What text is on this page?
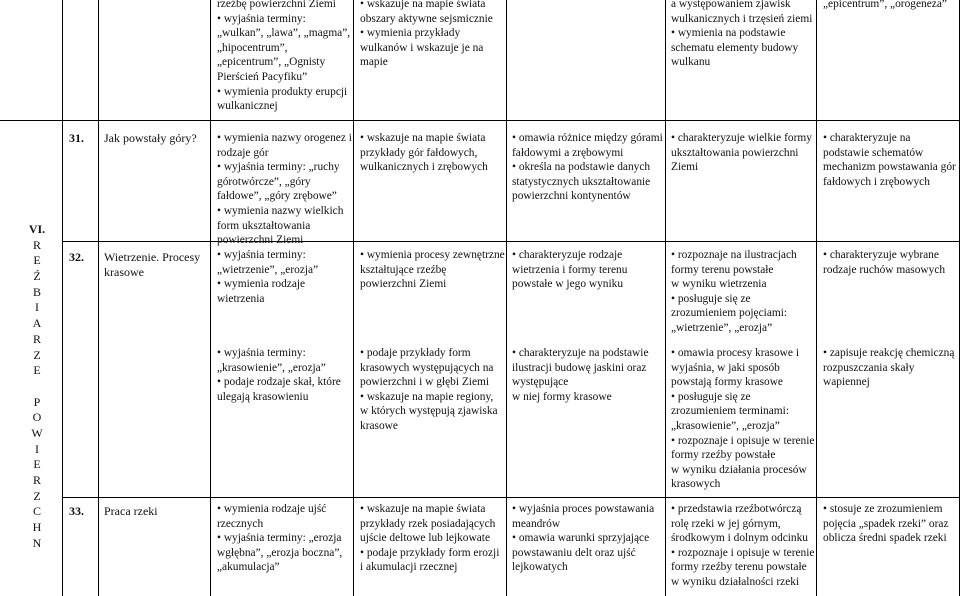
rzeźbę powierzchni Ziemi
• wyjaśnia terminy:
„wulkan”, „lawa”, „magma”,
„hipocentrum”,
„epicentrum”, „Ognisty
Pierścień Pacyfiku”
• wymienia produkty erupcji
wulkanicznej
• wskazuje na mapie świata
obszary aktywne sejsmicznie
• wymienia przykłady
wulkanów i wskazuje je na
mapie
a występowaniem zjawisk
wulkanicznych i trzęsień ziemi
• wymienia na podstawie
schematu elementy budowy
wulkanu
„epicentrum”, „orogeneza”
VI.
R
E
Ź
B
I
A
R
Z
E

P
O
W
I
E
R
Z
C
H
N
31. Jak powstały góry? • wymienia nazwy orogenez i
rodzaje gór
• wyjaśnia terminy: „ruchy
górotwórcze”, „góry
fałdowe”, „góry zrębowe”
• wymienia nazwy wielkich
form ukształtowania
powierzchni Ziemi
• wskazuje na mapie świata
przykłady gór fałdowych,
wulkanicznych i zrębowych
• omawia różnice między górami
fałdowymi a zrębowymi
• określa na podstawie danych
statystycznych ukształtowanie
powierzchni kontynentów
• charakteryzuje wielkie formy
ukształtowania powierzchni
Ziemi
• charakteryzuje na
podstawie schematów
mechanizm powstawania gór
fałdowych i zrębowych
32. Wietrzenie. Procesy
krasowe
• wyjaśnia terminy:
„wietrzenie”, „erozja”
• wymienia rodzaje
wietrzenia
• wyjaśnia terminy:
„krasowienie”, „erozja”
• podaje rodzaje skał, które
ulegają krasowieniu
• wymienia procesy zewnętrzne
kształtujące rzeźbę
powierzchni Ziemi
• podaje przykłady form
krasowych występujących na
powierzchni i w głębi Ziemi
• wskazuje na mapie regiony,
w których występują zjawiska
krasowe
• charakteryzuje rodzaje
wietrzenia i formy terenu
powstałe w jego wyniku
• charakteryzuje na podstawie
ilustracji budowę jaskini oraz
występujące
w niej formy krasowe
• rozpoznaje na ilustracjach
formy terenu powstałe
w wyniku wietrzenia
• posługuje się ze
zrozumieniem pojęciami:
„wietrzenie”, „erozja”
• omawia procesy krasowe i
wyjaśnia, w jaki sposób
powstają formy krasowe
• posługuje się ze
zrozumieniem terminami:
„krasowienie”, „erozja”
• rozpoznaje i opisuje w terenie
formy rzeźby powstałe
w wyniku działania procesów
krasowych
• charakteryzuje wybrane
rodzaje ruchów masowych
• zapisuje reakcję chemiczną
rozpuszczania skały
wapiennej
33. Praca rzeki	• wymienia rodzaje ujść
rzecznych
• wyjaśnia terminy: „erozja
wgłębna”, „erozja boczna”,
„akumulacja”
• wskazuje na mapie świata
przykłady rzek posiadających
ujście deltowe lub lejkowate
• podaje przykłady form erozji
i akumulacji rzecznej
• wyjaśnia proces powstawania
meandrów
• omawia warunki sprzyjające
powstawaniu delt oraz ujść
lejkowatych
• przedstawia rzeźbotwórczą
rolę rzeki w jej górnym,
środkowym i dolnym odcinku
• rozpoznaje i opisuje w terenie
formy rzeźby terenu powstałe
w wyniku działalności rzeki
• stosuje ze zrozumieniem
pojęcia „spadek rzeki” oraz
oblicza średni spadek rzeki
